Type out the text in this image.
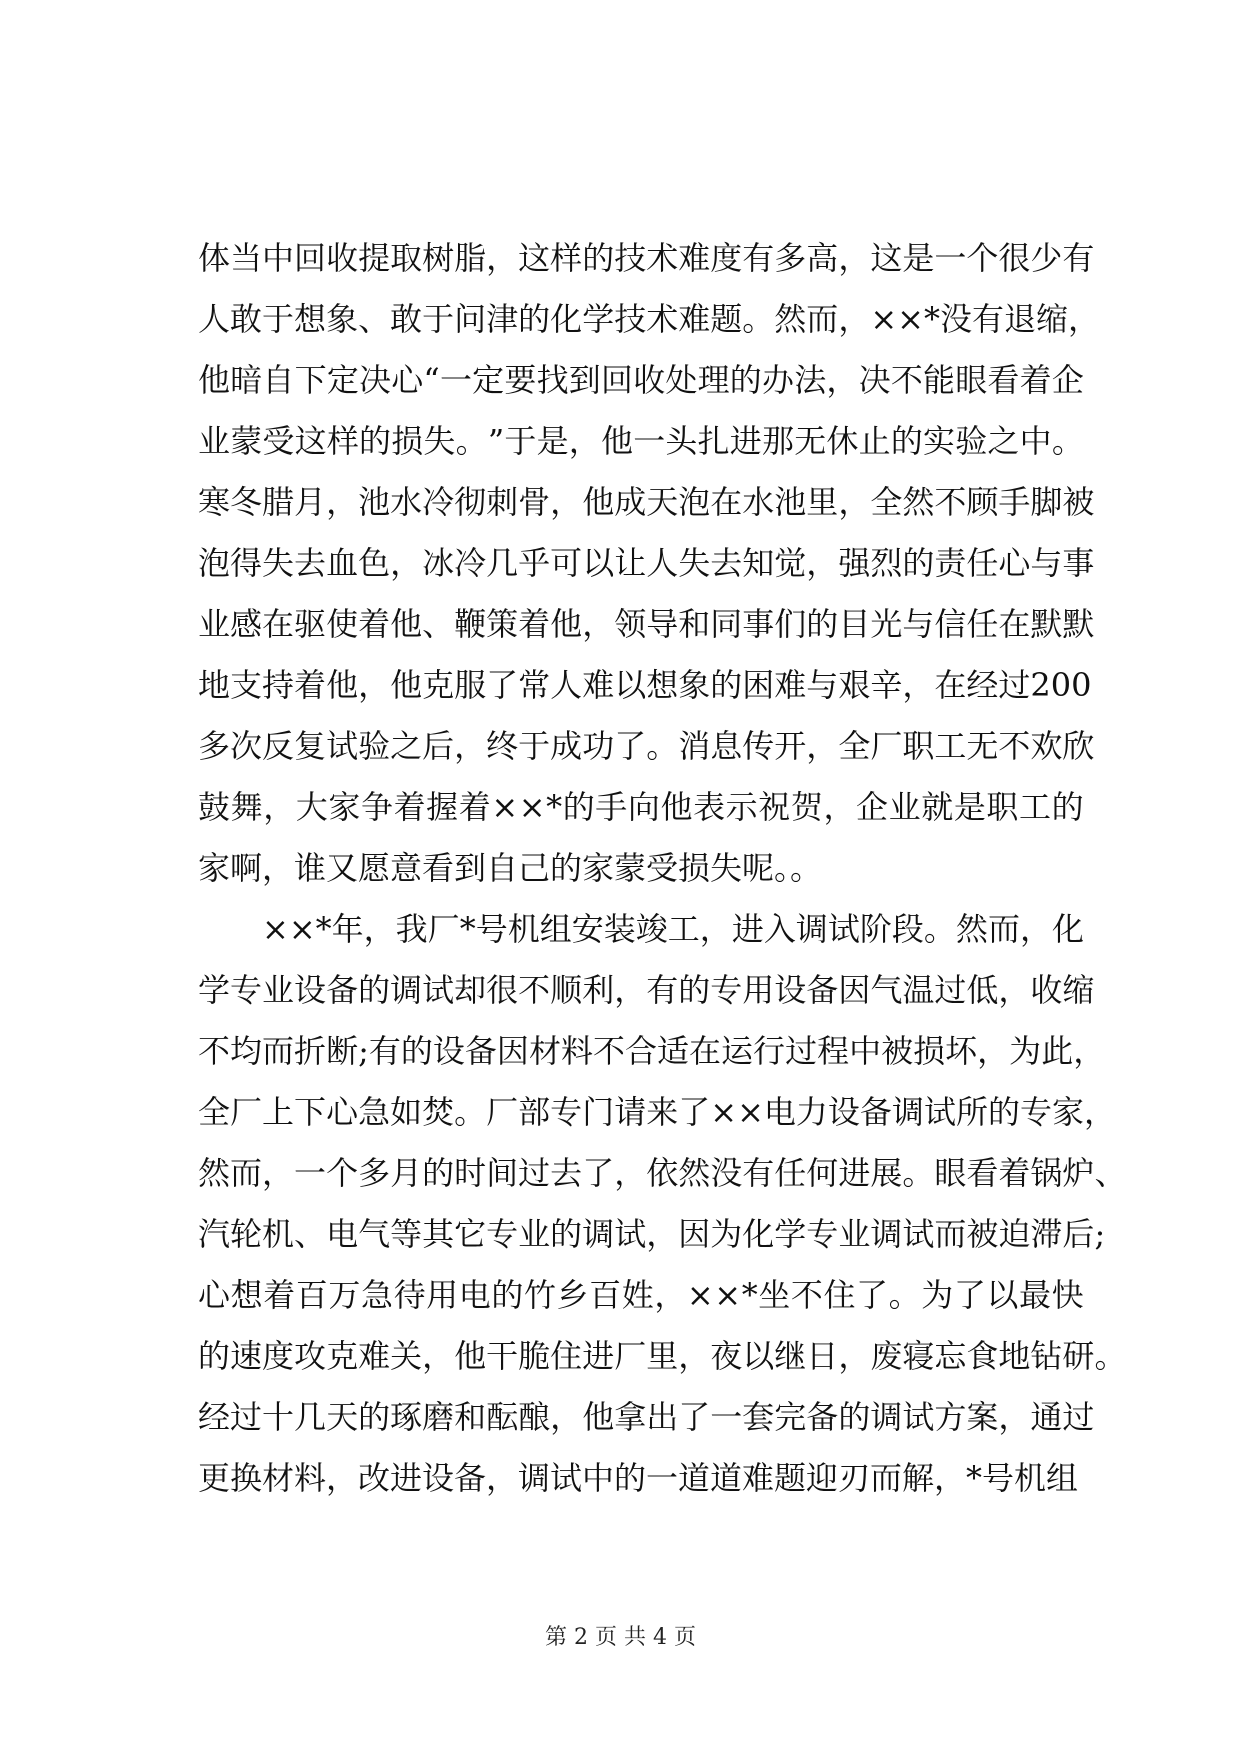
体 当 中 回 收 提 取 树 脂 ， 这 样 的 技 术 难 度 有 多 高 ， 这 是 一 个 很 少 有
人 敢 于 想 象 、 敢 于 问 津 的 化 学 技 术 难 题 。 然 而 ， × × * 没 有 退 缩 ，
他 暗 自 下 定 决 心 “ 一 定 要 找 到 回 收 处 理 的 办 法 ， 决 不 能 眼 看 着 企
业 蒙 受 这 样 的 损 失 。 ” 于 是 ， 他 一 头 扎 进 那 无 休 止 的 实 验 之 中 。
寒 冬 腊 月 ， 池 水 冷 彻 刺 骨 ， 他 成 天 泡 在 水 池 里 ， 全 然 不 顾 手 脚 被
泡 得 失 去 血 色 ， 冰 冷 几 乎 可 以 让 人 失 去 知 觉 ， 强 烈 的 责 任 心 与 事
业 感 在 驱 使 着 他 、 鞭 策 着 他 ， 领 导 和 同 事 们 的 目 光 与 信 任 在 默 默
地 支 持 着 他 ， 他 克 服 了 常 人 难 以 想 象 的 困 难 与 艰 辛 ， 在 经 过 200
多 次 反 复 试 验 之 后 ， 终 于 成 功 了 。 消 息 传 开 ， 全 厂 职 工 无 不 欢 欣
鼓 舞 ， 大 家 争 着 握 着 × × * 的 手 向 他 表 示 祝 贺 ， 企 业 就 是 职 工 的
家啊，谁又愿意看到自己的家蒙受损失呢。。
× × * 年 ， 我 厂 * 号 机 组 安 装 竣 工 ， 进 入 调 试 阶 段 。 然 而 ， 化
学 专 业 设 备 的 调 试 却 很 不 顺 利 ， 有 的 专 用 设 备 因 气 温 过 低 ， 收 缩
不 均 而 折 断 ; 有 的 设 备 因 材 料 不 合 适 在 运 行 过 程 中 被 损 坏 ， 为 此 ，
全 厂 上 下 心 急 如 焚 。 厂 部 专 门 请 来 了 × × 电 力 设 备 调 试 所 的 专 家 ，
然 而 ， 一 个 多 月 的 时 间 过 去 了 ， 依 然 没 有 任 何 进 展 。 眼 看 着 锅 炉 、
汽 轮 机 、 电 气 等 其 它 专 业 的 调 试 ， 因 为 化 学 专 业 调 试 而 被 迫 滞 后 ;
心 想 着 百 万 急 待 用 电 的 竹 乡 百 姓 ， × × * 坐 不 住 了 。 为 了 以 最 快
的 速 度 攻 克 难 关 ， 他 干 脆 住 进 厂 里 ， 夜 以 继 日 ， 废 寝 忘 食 地 钻 研 。
经 过 十 几 天 的 琢 磨 和 酝 酿 ， 他 拿 出 了 一 套 完 备 的 调 试 方 案 ， 通 过
更换材料，改进设备，调试中的一道道难题迎刃而解，*号机组
第 2 页 共 4 页
